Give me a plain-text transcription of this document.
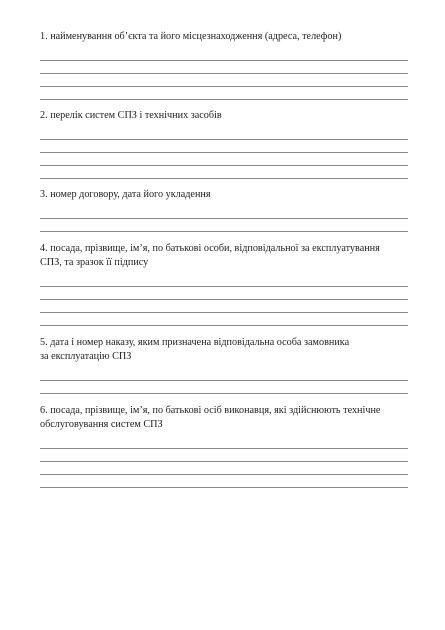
1. найменування об’єкта та його місцезнаходження (адреса, телефон)

2. перелік систем СПЗ і технічних засобів

3. номер договору, дата його укладення

4. посада, прізвище, ім’я, по батькові особи, відповідальної за експлуатування
СПЗ, та зразок її підпису

5. дата і номер наказу, яким призначена відповідальна особа замовника
за експлуатацію СПЗ

6. посада, прізвище, ім’я, по батькові осіб виконавця, які здійснюють технічне
обслуговування систем СПЗ
